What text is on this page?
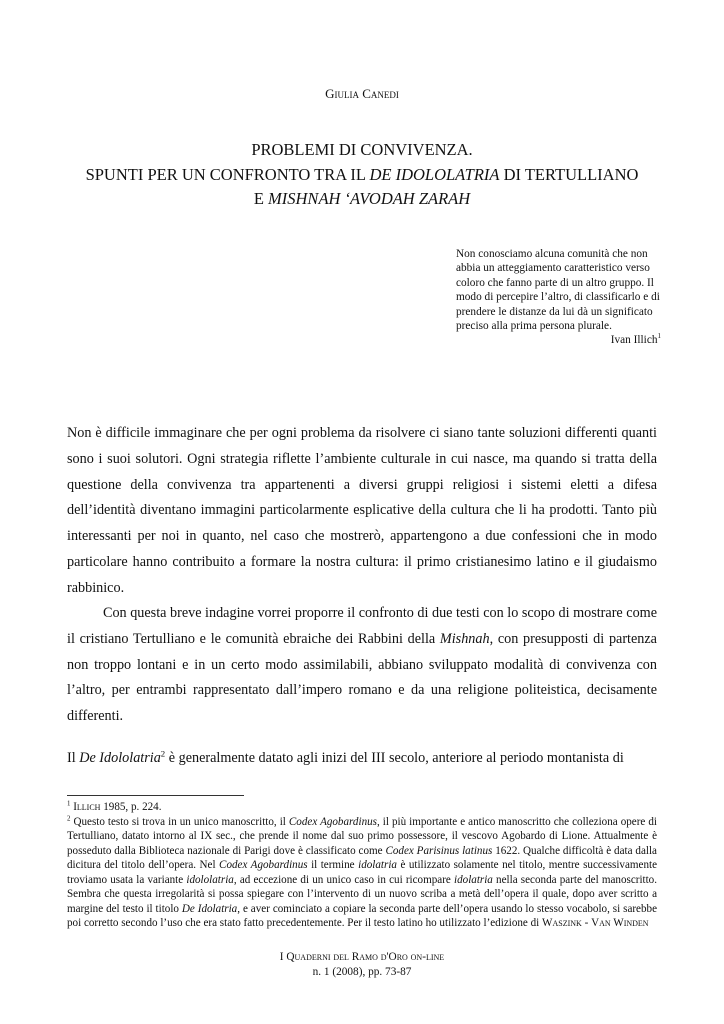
Giulia Canedi
PROBLEMI DI CONVIVENZA.
SPUNTI PER UN CONFRONTO TRA IL DE IDOLOLATRIA DI TERTULLIANO
E MISHNAH ‘AVODAH ZARAH
Non conosciamo alcuna comunità che non abbia un atteggiamento caratteristico verso coloro che fanno parte di un altro gruppo. Il modo di percepire l’altro, di classificarlo e di prendere le distanze da lui dà un significato preciso alla prima persona plurale.
Ivan Illich$^1$

Non è difficile immaginare che per ogni problema da risolvere ci siano tante soluzioni differenti quanti sono i suoi solutori. Ogni strategia riflette l’ambiente culturale in cui nasce, ma quando si tratta della questione della convivenza tra appartenenti a diversi gruppi religiosi i sistemi eletti a difesa dell’identità diventano immagini particolarmente esplicative della cultura che li ha prodotti. Tanto più interessanti per noi in quanto, nel caso che mostrerò, appartengono a due confessioni che in modo particolare hanno contribuito a formare la nostra cultura: il primo cristianesimo latino e il giudaismo rabbinico.

Con questa breve indagine vorrei proporre il confronto di due testi con lo scopo di mostrare come il cristiano Tertulliano e le comunità ebraiche dei Rabbini della Mishnah, con presupposti di partenza non troppo lontani e in un certo modo assimilabili, abbiano sviluppato modalità di convivenza con l’altro, per entrambi rappresentato dall’impero romano e da una religione politeistica, decisamente differenti.

Il De Idololatria$^2$ è generalmente datato agli inizi del III secolo, anteriore al periodo montanista di

$^1$ Illich 1985, p. 224.

$^2$ Questo testo si trova in un unico manoscritto, il Codex Agobardinus, il più importante e antico manoscritto che colleziona opere di Tertulliano, datato intorno al IX sec., che prende il nome dal suo primo possessore, il vescovo Agobardo di Lione. Attualmente è posseduto dalla Biblioteca nazionale di Parigi dove è classificato come Codex Parisinus latinus 1622. Qualche difficoltà è data dalla dicitura del titolo dell’opera. Nel Codex Agobardinus il termine idolatria è utilizzato solamente nel titolo, mentre successivamente troviamo usata la variante idololatria, ad eccezione di un unico caso in cui ricompare idolatria nella seconda parte del manoscritto. Sembra che questa irregolarità si possa spiegare con l’intervento di un nuovo scriba a metà dell’opera il quale, dopo aver scritto a margine del testo il titolo De Idolatria, e aver cominciato a copiare la seconda parte dell’opera usando lo stesso vocabolo, si sarebbe poi corretto secondo l’uso che era stato fatto precedentemente. Per il testo latino ho utilizzato l’edizione di Waszink - Van Winden

I Quaderni del Ramo d'Oro on-line
n. 1 (2008), pp. 73-87
